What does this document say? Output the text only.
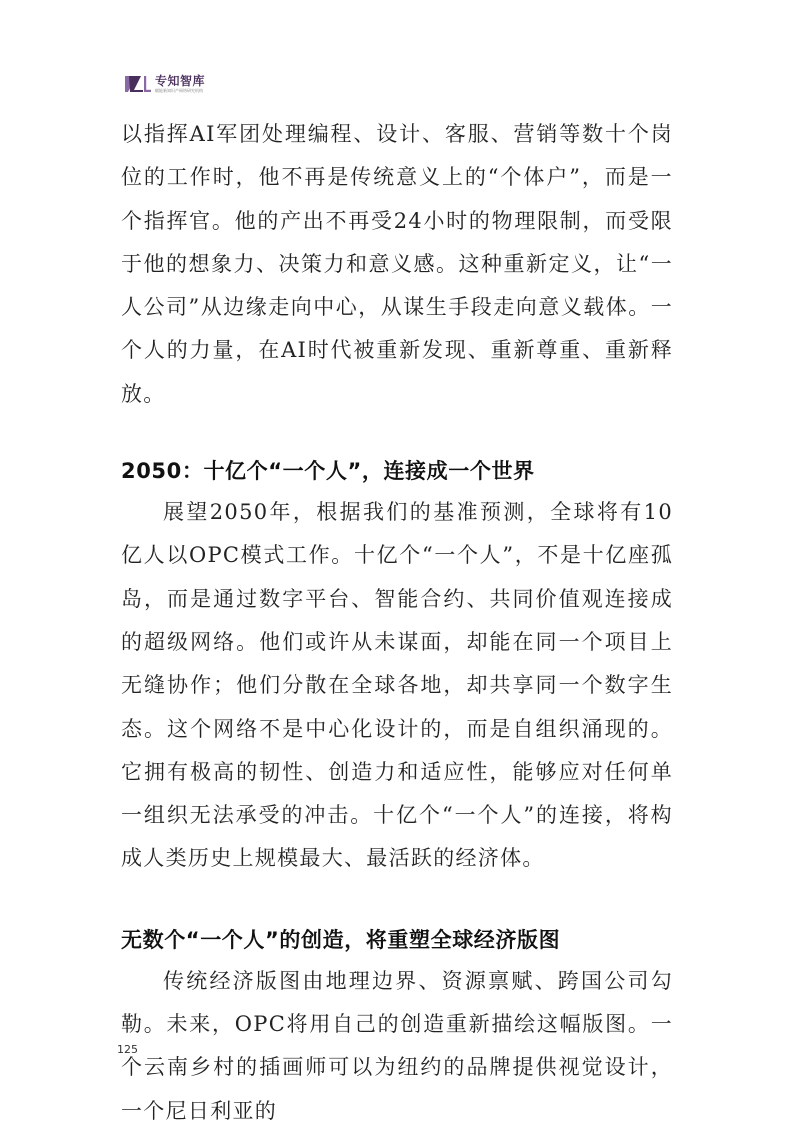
专知智库
赋能新知识产网络研究机构

以指挥AI军团处理编程、设计、客服、营销等数十个岗位的工作时，他不再是传统意义上的“个体户”，而是一个指挥官。他的产出不再受24小时的物理限制，而受限于他的想象力、决策力和意义感。这种重新定义，让“一人公司”从边缘走向中心，从谋生手段走向意义载体。一个人的力量，在AI时代被重新发现、重新尊重、重新释放。

2050：十亿个“一个人”，连接成一个世界

展望2050年，根据我们的基准预测，全球将有10亿人以OPC模式工作。十亿个“一个人”，不是十亿座孤岛，而是通过数字平台、智能合约、共同价值观连接成的超级网络。他们或许从未谋面，却能在同一个项目上无缝协作；他们分散在全球各地，却共享同一个数字生态。这个网络不是中心化设计的，而是自组织涌现的。它拥有极高的韧性、创造力和适应性，能够应对任何单一组织无法承受的冲击。十亿个“一个人”的连接，将构成人类历史上规模最大、最活跃的经济体。

无数个“一个人”的创造，将重塑全球经济版图

传统经济版图由地理边界、资源禀赋、跨国公司勾勒。未来，OPC将用自己的创造重新描绘这幅版图。一个云南乡村的插画师可以为纽约的品牌提供视觉设计，一个尼日利亚的

125
